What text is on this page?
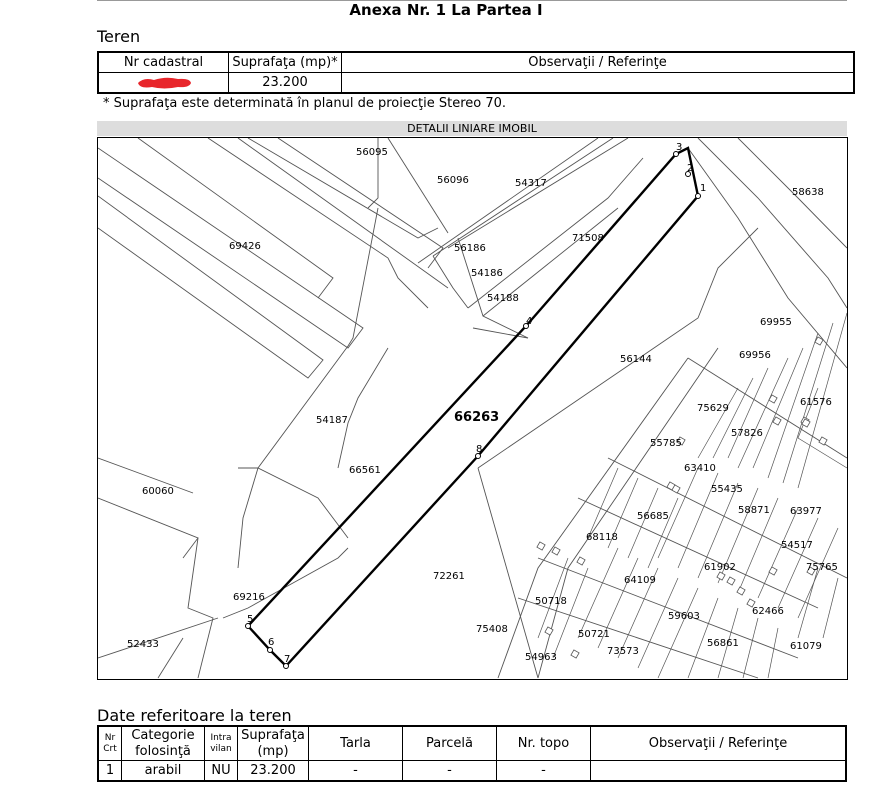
Anexa Nr. 1 La Partea I
Teren
Nr cadastral	Suprafaţa (mp)*	Observaţii / Referinţe

	23.200	
* Suprafaţa este determinată în planul de proiecţie Stereo 70.
DETALII LINIARE IMOBIL
1
2
3
4
5
6
7
8
66263
56095
56096	54317
58638
69426	56186
71508
54186
54188
69955
69956
56144
75629
61576
54187
57826
55785
63410
66561
55435
60060
58871 63977
56685
68118
54517
61902	75765
64109
69216
72261
50718
59603	62466
75408	50721
56861
52433	61079
54963
73573
Date referitoare la teren
Nr Crt	Categorie folosinţă	Intra vilan	Suprafaţa (mp)	Tarla	Parcelă	Nr. topo	Observaţii / Referinţe
1	arabil	NU	23.200	-	-	-	
